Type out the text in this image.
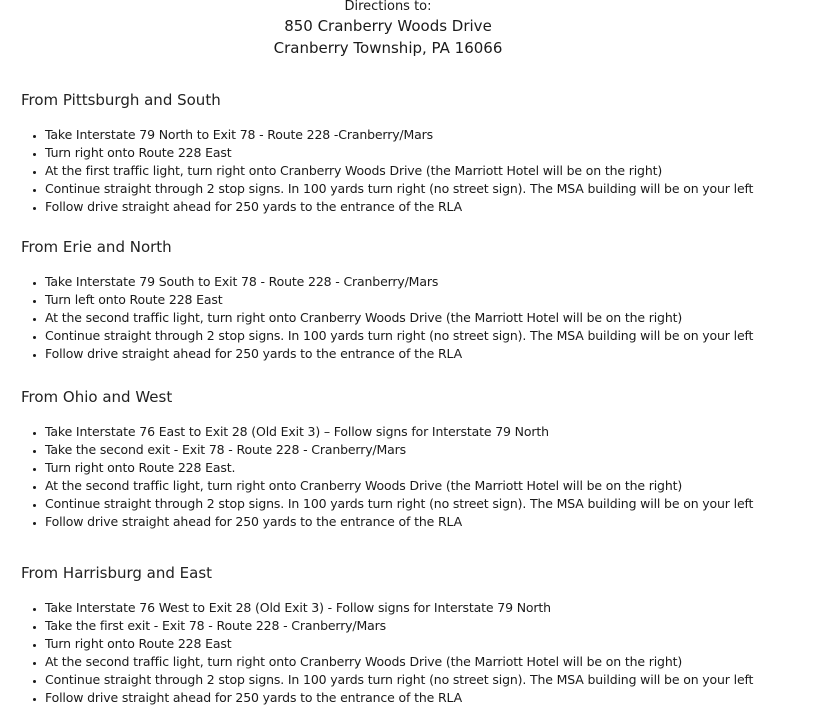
Directions to:
850 Cranberry Woods Drive
Cranberry Township, PA 16066
From Pittsburgh and South
• Take Interstate 79 North to Exit 78 - Route 228 -Cranberry/Mars
• Turn right onto Route 228 East
• At the first traffic light, turn right onto Cranberry Woods Drive (the Marriott Hotel will be on the right)
• Continue straight through 2 stop signs. In 100 yards turn right (no street sign). The MSA building will be on your left
• Follow drive straight ahead for 250 yards to the entrance of the RLA
From Erie and North
• Take Interstate 79 South to Exit 78 - Route 228 - Cranberry/Mars
• Turn left onto Route 228 East
• At the second traffic light, turn right onto Cranberry Woods Drive (the Marriott Hotel will be on the right)
• Continue straight through 2 stop signs. In 100 yards turn right (no street sign). The MSA building will be on your left
• Follow drive straight ahead for 250 yards to the entrance of the RLA
From Ohio and West
• Take Interstate 76 East to Exit 28 (Old Exit 3) – Follow signs for Interstate 79 North
• Take the second exit - Exit 78 - Route 228 - Cranberry/Mars
• Turn right onto Route 228 East.
• At the second traffic light, turn right onto Cranberry Woods Drive (the Marriott Hotel will be on the right)
• Continue straight through 2 stop signs. In 100 yards turn right (no street sign). The MSA building will be on your left
• Follow drive straight ahead for 250 yards to the entrance of the RLA
From Harrisburg and East
• Take Interstate 76 West to Exit 28 (Old Exit 3) - Follow signs for Interstate 79 North
• Take the first exit - Exit 78 - Route 228 - Cranberry/Mars
• Turn right onto Route 228 East
• At the second traffic light, turn right onto Cranberry Woods Drive (the Marriott Hotel will be on the right)
• Continue straight through 2 stop signs. In 100 yards turn right (no street sign). The MSA building will be on your left
• Follow drive straight ahead for 250 yards to the entrance of the RLA
